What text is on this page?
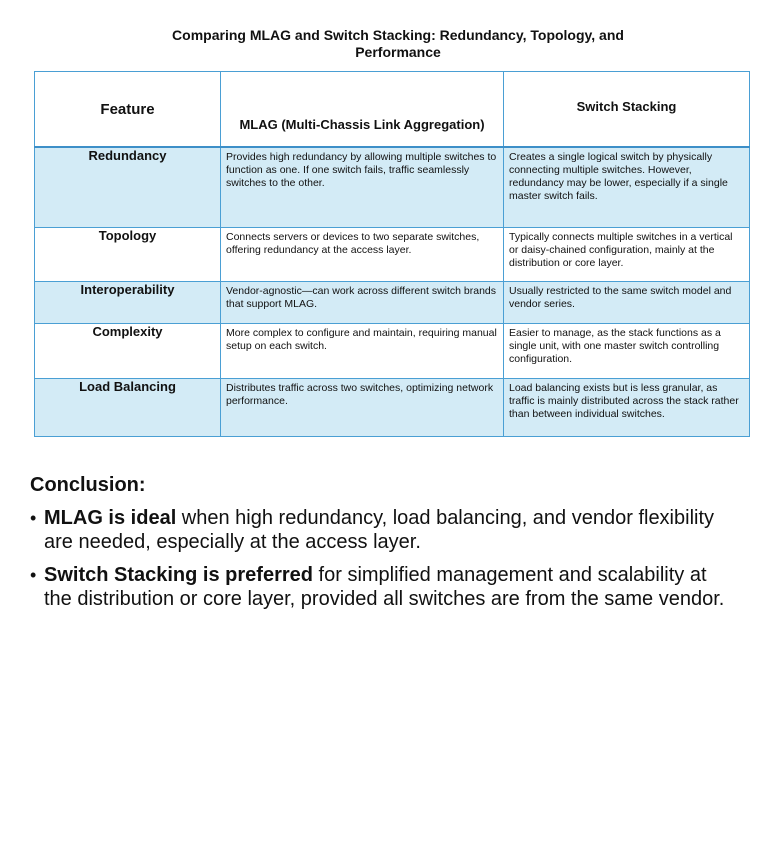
Comparing MLAG and Switch Stacking: Redundancy, Topology, and Performance
Feature	MLAG (Multi-Chassis Link Aggregation)	Switch Stacking
Redundancy	Provides high redundancy by allowing multiple switches to function as one. If one switch fails, traffic seamlessly switches to the other.	Creates a single logical switch by physically connecting multiple switches. However, redundancy may be lower, especially if a single master switch fails.
Topology	Connects servers or devices to two separate switches, offering redundancy at the access layer.	Typically connects multiple switches in a vertical or daisy-chained configuration, mainly at the distribution or core layer.
Interoperability	Vendor-agnostic—can work across different switch brands that support MLAG.	Usually restricted to the same switch model and vendor series.
Complexity	More complex to configure and maintain, requiring manual setup on each switch.	Easier to manage, as the stack functions as a single unit, with one master switch controlling configuration.
Load Balancing	Distributes traffic across two switches, optimizing network performance.	Load balancing exists but is less granular, as traffic is mainly distributed across the stack rather than between individual switches.
Conclusion:
• MLAG is ideal when high redundancy, load balancing, and vendor flexibility are needed, especially at the access layer.
• Switch Stacking is preferred for simplified management and scalability at the distribution or core layer, provided all switches are from the same vendor.
